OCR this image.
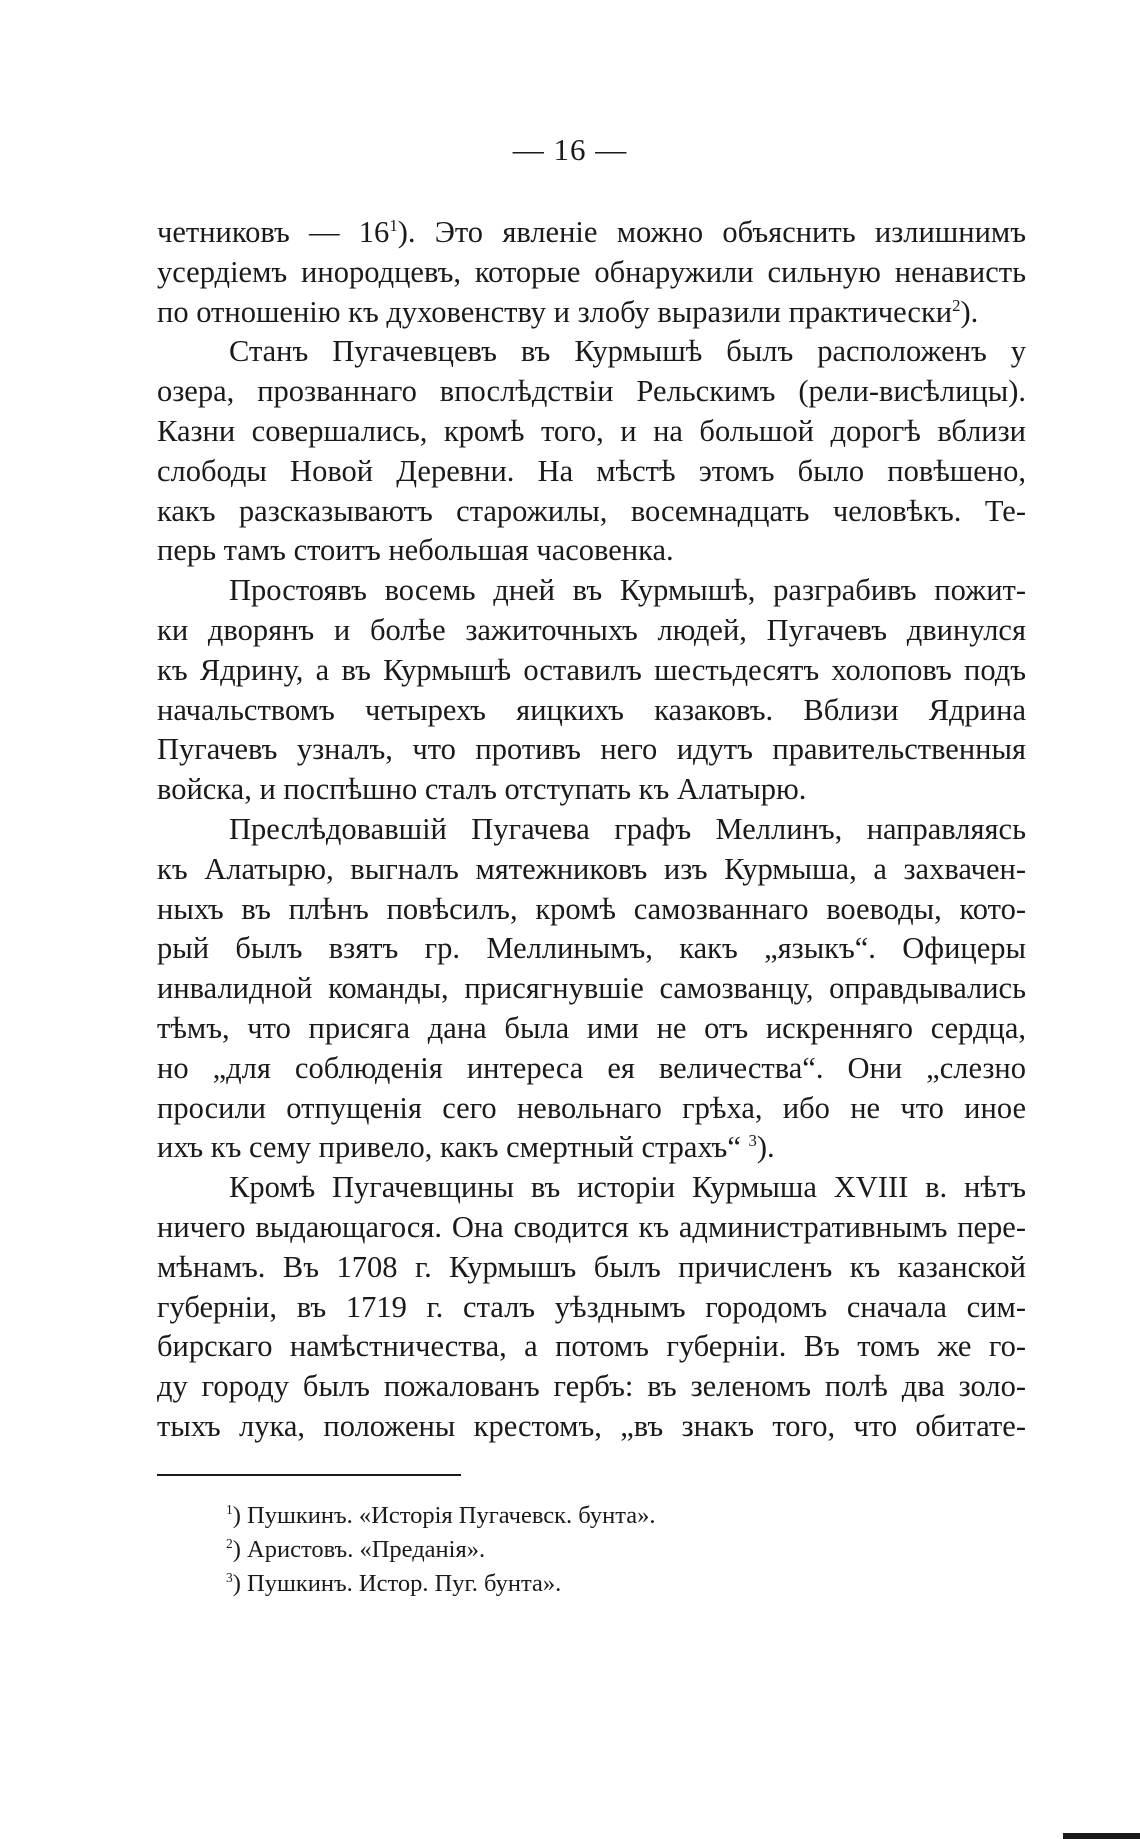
— 16 —
четниковъ — $16^1$). Это явленіе можно объяснить излишнимъ
усердіемъ инородцевъ, которые обнаружили сильную ненависть
по отношенію къ духовенству и злобу выразили практически$^2$).
Станъ Пугачевцевъ въ Курмышѣ былъ расположенъ у
озера, прозваннаго впослѣдствіи Рельскимъ (рели-висѣлицы).
Казни совершались, кромѣ того, и на большой дорогѣ вблизи
слободы Новой Деревни. На мѣстѣ этомъ было повѣшено,
какъ разсказываютъ старожилы, восемнадцать человѣкъ. Те-
перь тамъ стоитъ небольшая часовенка.
Простоявъ восемь дней въ Курмышѣ, разграбивъ пожит-
ки дворянъ и болѣе зажиточныхъ людей, Пугачевъ двинулся
къ Ядрину, а въ Курмышѣ оставилъ шестьдесятъ холоповъ подъ
начальствомъ четырехъ яицкихъ казаковъ. Вблизи Ядрина
Пугачевъ узналъ, что противъ него идутъ правительственныя
войска, и поспѣшно сталъ отступать къ Алатырю.
Преслѣдовавшій Пугачева графъ Меллинъ, направляясь
къ Алатырю, выгналъ мятежниковъ изъ Курмыша, а захвачен-
ныхъ въ плѣнъ повѣсилъ, кромѣ самозваннаго воеводы, кото-
рый былъ взятъ гр. Меллинымъ, какъ „языкъ“. Офицеры
инвалидной команды, присягнувшіе самозванцу, оправдывались
тѣмъ, что присяга дана была ими не отъ искренняго сердца,
но „для соблюденія интереса ея величества“. Они „слезно
просили отпущенія сего невольнаго грѣха, ибо не что иное
ихъ къ сему привело, какъ смертный страхъ“ $^3$).
Кромѣ Пугачевщины въ исторіи Курмыша XVIII в. нѣтъ
ничего выдающагося. Она сводится къ административнымъ пере-
мѣнамъ. Въ 1708 г. Курмышъ былъ причисленъ къ казанской
губерніи, въ 1719 г. сталъ уѣзднымъ городомъ сначала сим-
бирскаго намѣстничества, а потомъ губерніи. Въ томъ же го-
ду городу былъ пожалованъ гербъ: въ зеленомъ полѣ два золо-
тыхъ лука, положены крестомъ, „въ знакъ того, что обитате-
$^1$) Пушкинъ. «Исторія Пугачевск. бунта».
$^2$) Аристовъ. «Преданія».
$^3$) Пушкинъ. Истор. Пуг. бунта».
